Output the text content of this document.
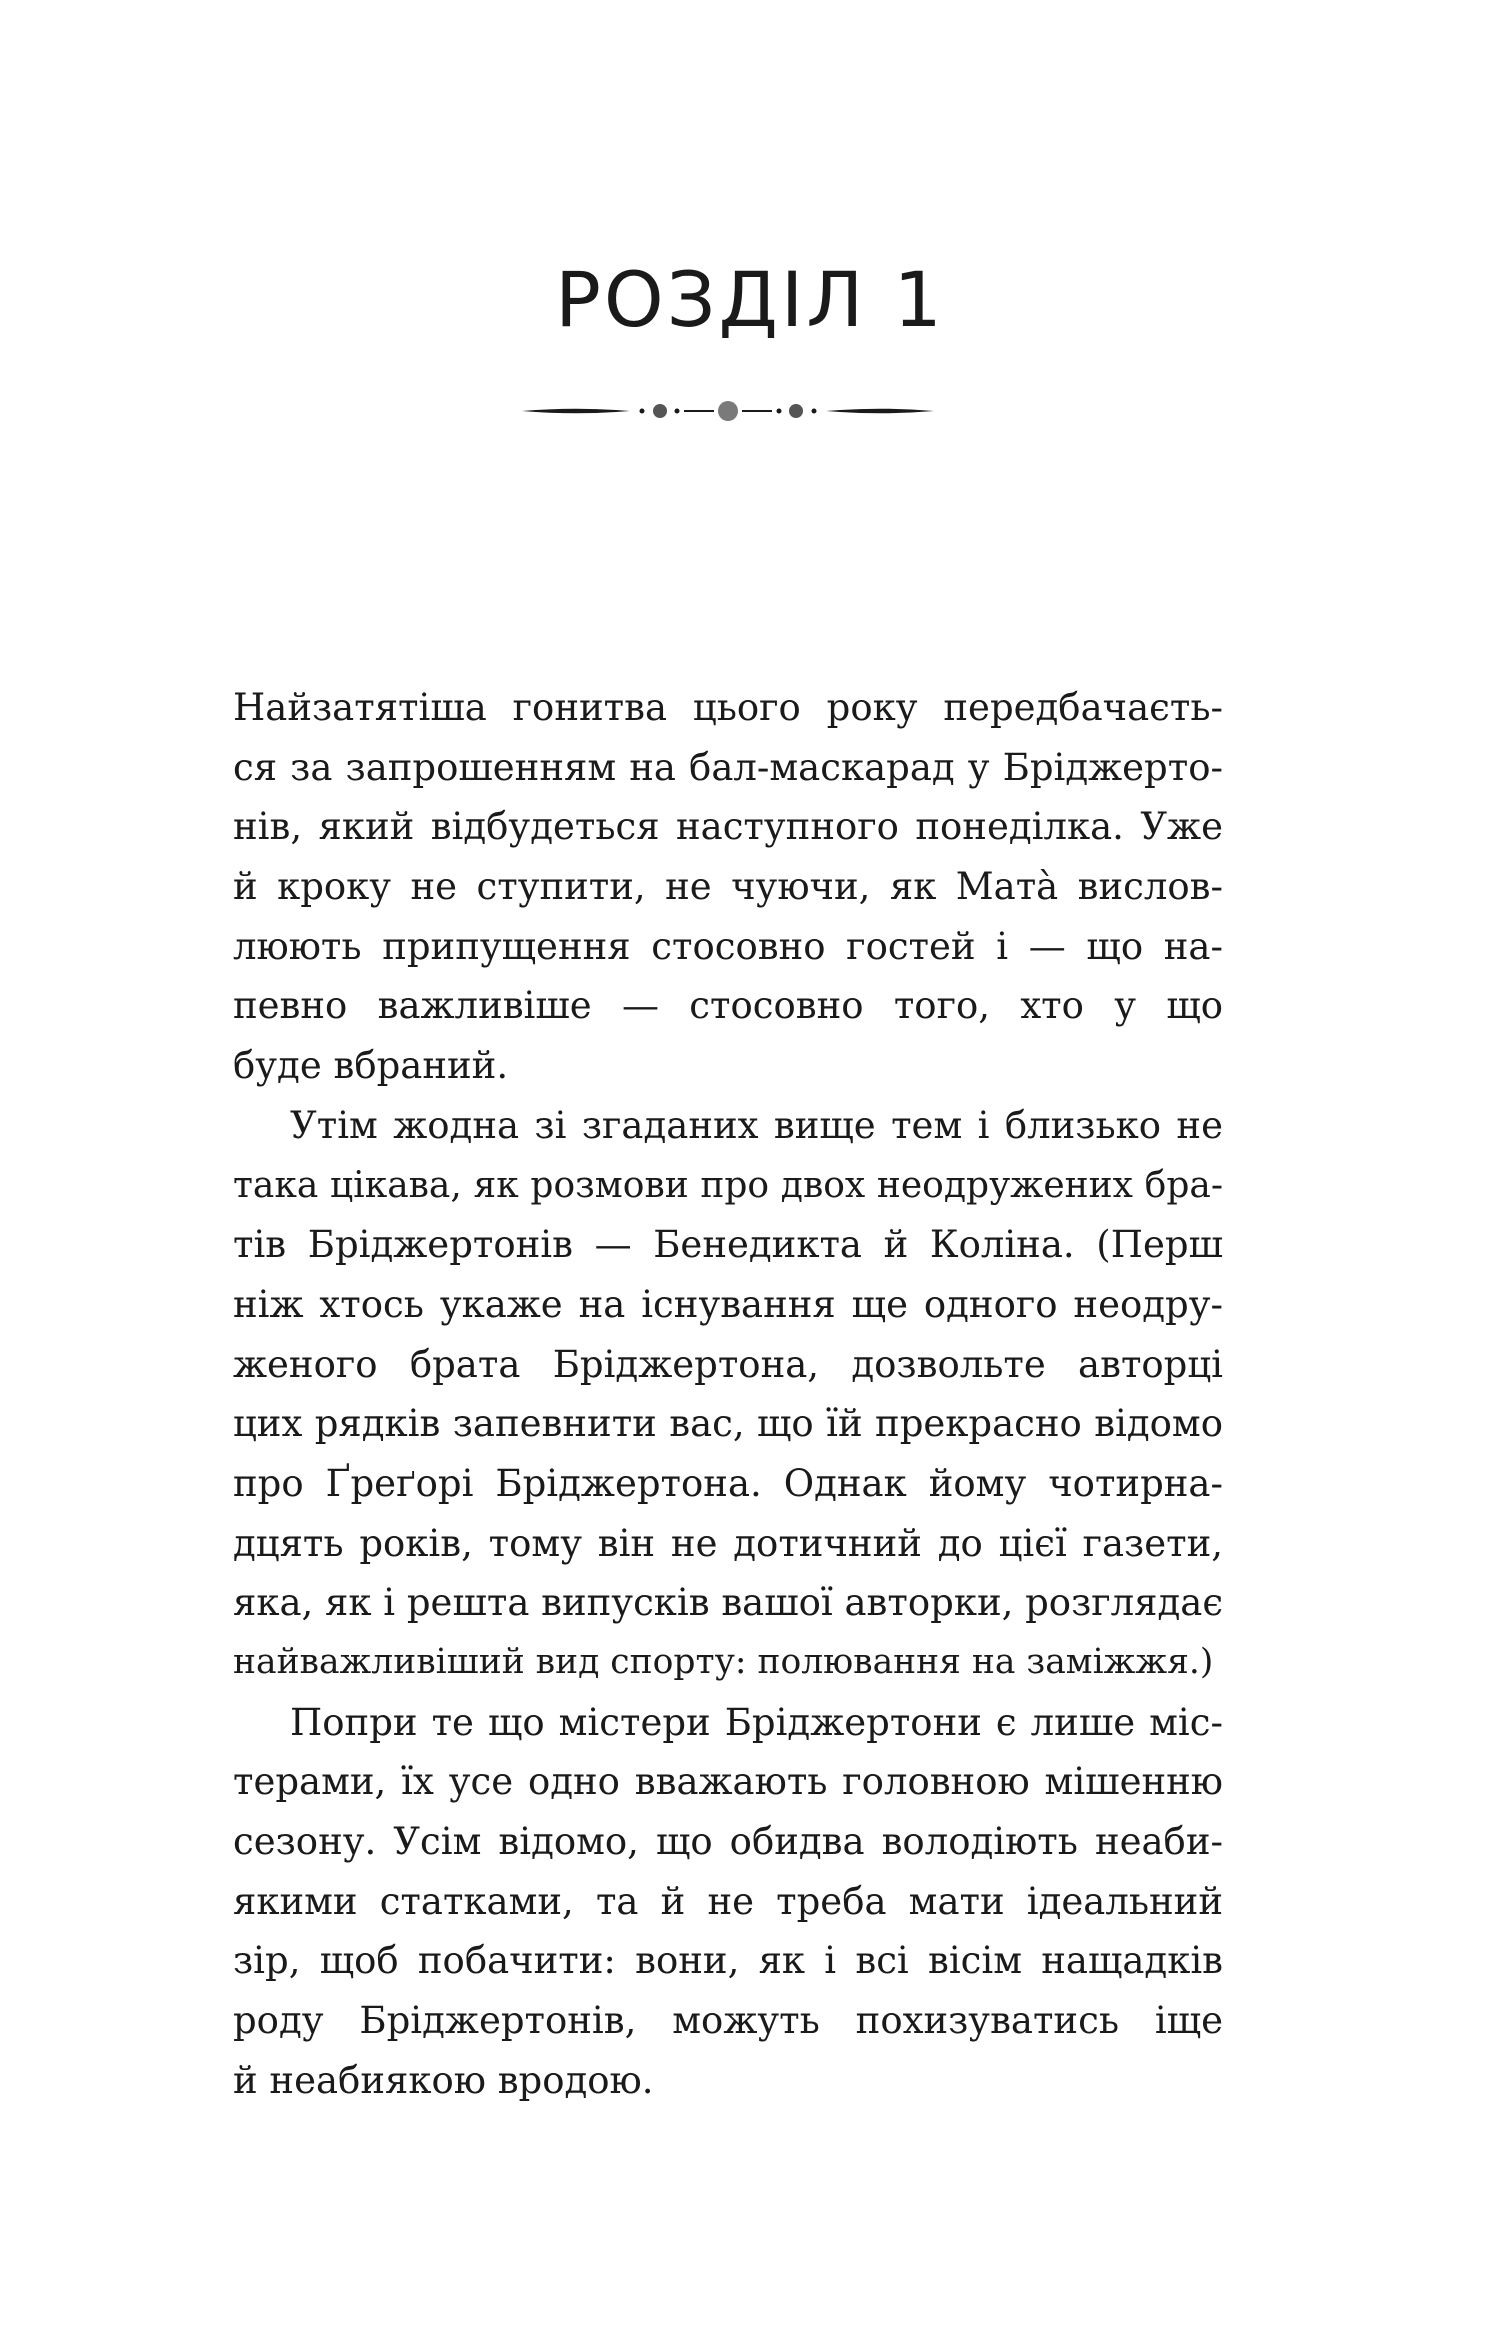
РОЗДІЛ 1
Найзатятіша гонитва цього року передбачаєть-
ся за запрошенням на бал-маскарад у Бріджерто-
нів, який відбудеться наступного понеділка. Уже
й кроку не ступити, не чуючи, як Мата̀ вислов-
люють припущення стосовно гостей і — що на-
певно важливіше — стосовно того, хто у що
буде вбраний.
Утім жодна зі згаданих вище тем і близько не
така цікава, як розмови про двох неодружених бра-
тів Бріджертонів — Бенедикта й Коліна. (Перш
ніж хтось укаже на існування ще одного неодру-
женого брата Бріджертона, дозвольте авторці
цих рядків запевнити вас, що їй прекрасно відомо
про Ґреґорі Бріджертона. Однак йому чотирна-
дцять років, тому він не дотичний до цієї газети,
яка, як і решта випусків вашої авторки, розглядає
найважливіший вид спорту: полювання на заміжжя.)
Попри те що містери Бріджертони є лише міс-
терами, їх усе одно вважають головною мішенню
сезону. Усім відомо, що обидва володіють неаби-
якими статками, та й не треба мати ідеальний
зір, щоб побачити: вони, як і всі вісім нащадків
роду Бріджертонів, можуть похизуватись іще
й неабиякою вродою.
